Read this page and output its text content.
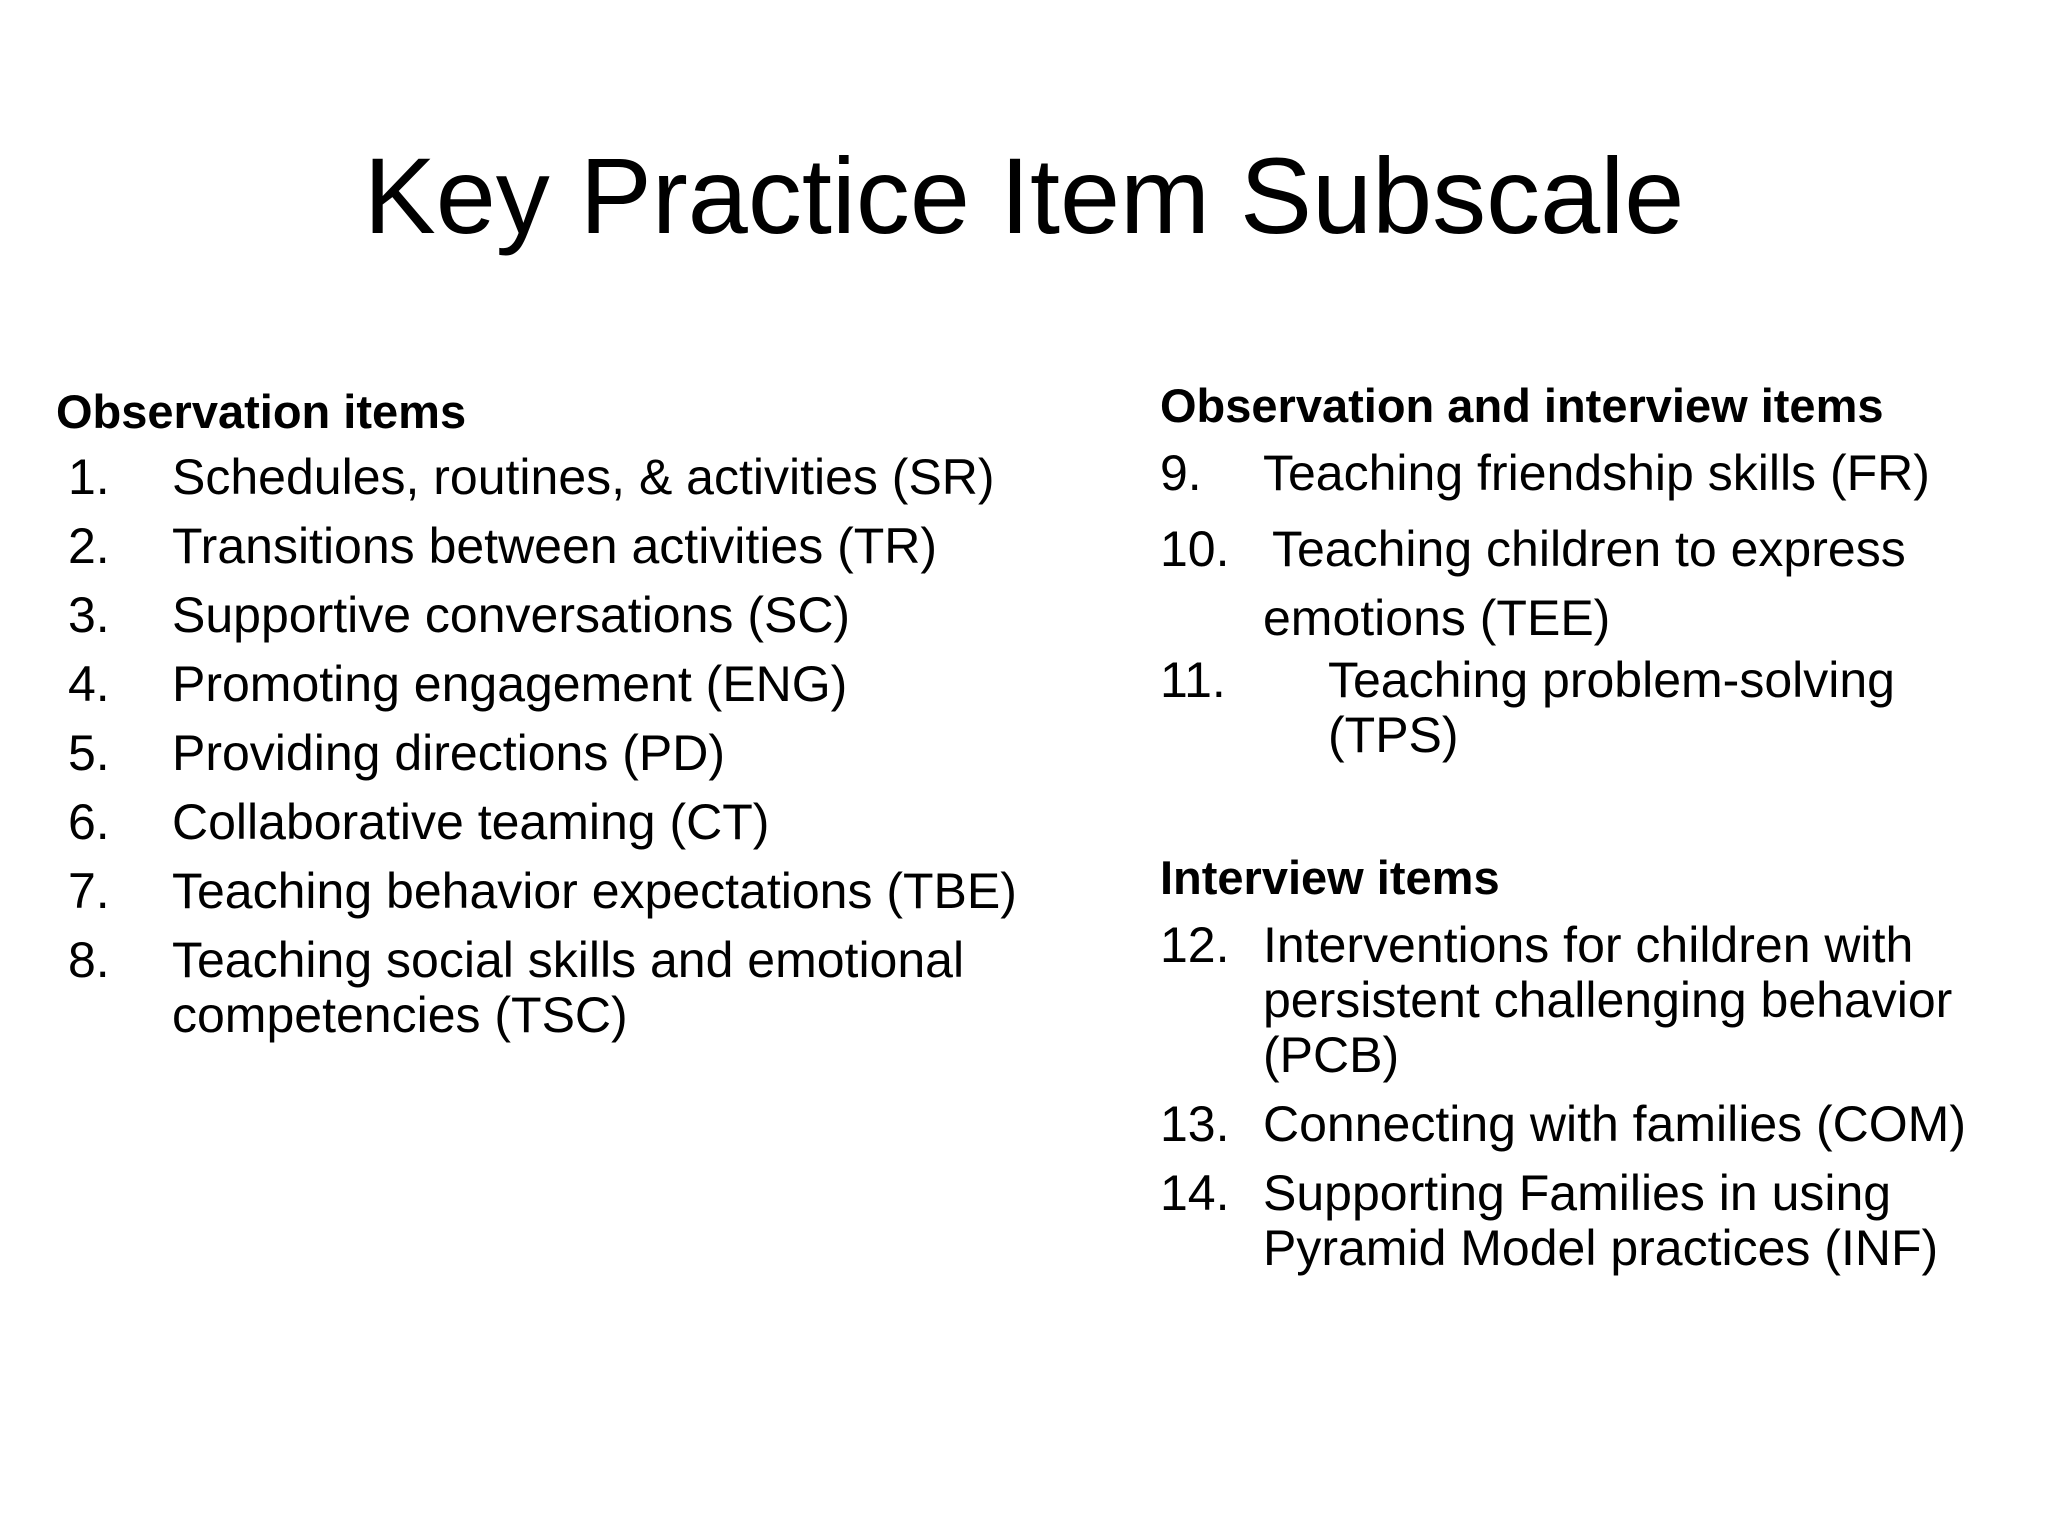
Key Practice Item Subscale
Observation items
1.	Schedules, routines, & activities (SR)
2.	Transitions between activities (TR)
3.	Supportive conversations (SC)
4.	Promoting engagement (ENG)
5.	Providing directions (PD)
6.	Collaborative teaming (CT)
7.	Teaching behavior expectations (TBE)
8.	Teaching social skills and emotional
competencies (TSC)
Observation and interview items
9.	Teaching friendship skills (FR)
10. Teaching children to express
emotions (TEE)
11.	Teaching problem-solving
(TPS)
Interview items
12. Interventions for children with
persistent challenging behavior
(PCB)
13. Connecting with families (COM)
14. Supporting Families in using
Pyramid Model practices (INF)
